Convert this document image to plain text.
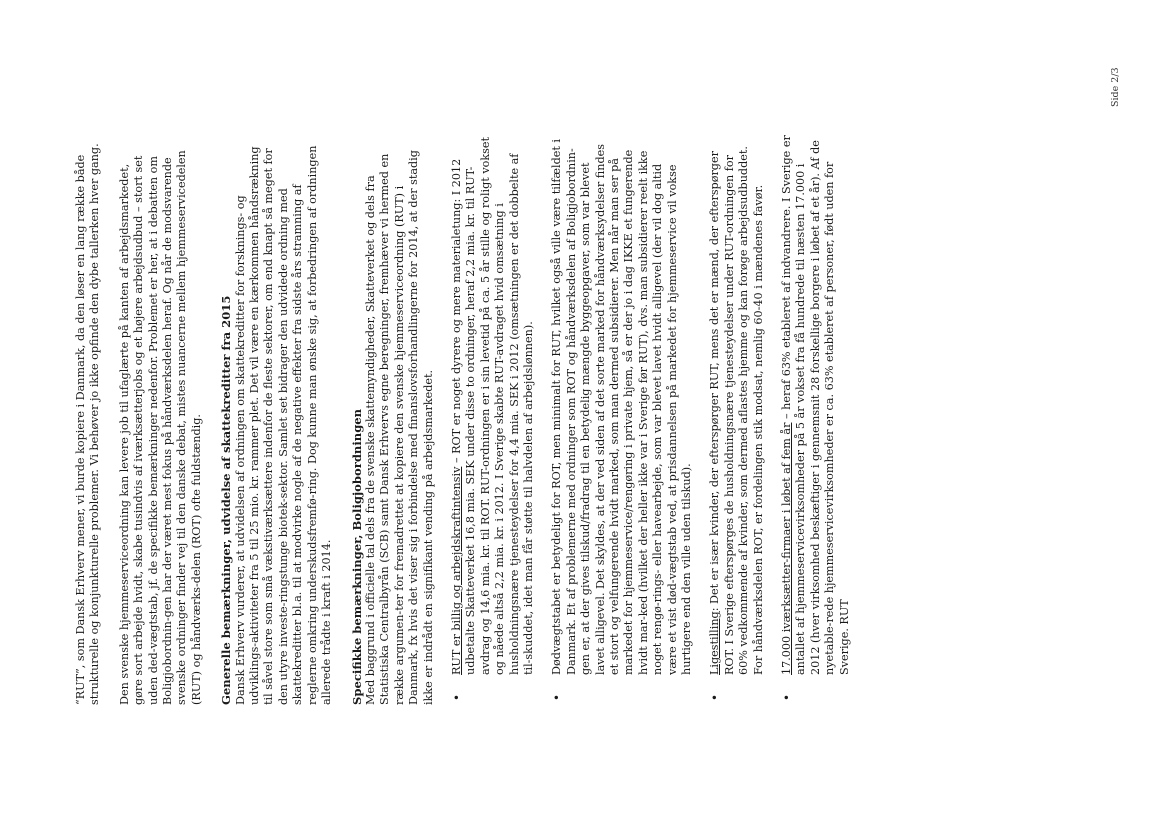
“RUT”, som Dansk Erhverv mener, vi burde kopiere i Danmark, da den løser en lang række både strukturelle og konjunkturelle problemer. Vi behøver jo ikke opfinde den dybe tallerken hver gang. Den svenske hjemmeserviceordning kan levere job til ufaglærte på kanten af arbejdsmarkedet, gøre sort arbejde hvidt, skabe tusindvis af iværksætterjobs og et højere arbejdsudbud – stort set uden ded-vægtstab, jf. de specifikke bemærkninger nedenfor. Problemet er her, at i debatten om Boligjobordnin-gen har der været mest fokus på håndværksdelen heraf. Og når de modsvarende svenske ordninger finder vej til den danske debat, mistes nuancerne mellem hjemmeservicedelen (RUT) og håndværks-delen (ROT) ofte fuldstændig. Generelle bemærkninger, udvidelse af skattekreditter fra 2015 Dansk Erhverv vurderer, at udvidelsen af ordningen om skattekreditter for forsknings- og udviklings-aktiviteter fra 5 til 25 mio. kr. rammer plet. Det vil være en kærkommen håndsrækning til såvel store som små vækstiværksættere indenfor de fleste sektorer, om end knapt så meget for den utyre investe-ringstunge biotek-sektor. Samlet set bidrager den udvidede ordning med skattekreditter bl.a. til at modvirke nogle af de negative effekter fra sidste års stramning af reglerne omkring underskudsfremfø-ring. Dog kunne man ønske sig, at forbedringen af ordningen allerede trådte i kraft i 2014. Specifikke bemærkninger, Boligjobordningen Med baggrund i officielle tal dels fra de svenske skattemyndigheder, Skatteverket og dels fra Statistiska Centralbyrån (SCB) samt Dansk Erhvervs egne beregninger, fremhæver vi hermed en række argumen-ter for fremadrettet at kopiere den svenske hjemmeserviceordning (RUT) i Danmark, fx hvis det viser sig i forbindelse med finanslovsforhandlingerne for 2014, at der stadig ikke er indrådt en signifikant vending på arbejdsmarkedet. • RUT er billig og arbejdskraftintensiv – ROT er noget dyrere og mere materialetung: I 2012 udbetalte Skatteverket 16,8 mia. SEK under disse to ordninger, heraf 2,2 mia. kr. til RUT-avdrag og 14,6 mia. kr. til ROT. RUT-ordningen er i sin levetid på ca. 5 år stille og roligt vokset og nåede altså 2,2 mia. kr. i 2012. I Sverige skabte RUT-avdraget hvid omsætning i husholdningsnære tjenesteydelser for 4,4 mia. SEK i 2012 (omsætningen er det dobbelte af til-skuddet, idet man får støtte til halvdelen af arbejdslønnen). • Dødvægtstabet er betydeligt for ROT, men minimalt for RUT, hvilket også ville være tilfældet i Danmark. Et af problemerne med ordninger som ROT og håndværksdelen af Boligjobordnin-gen er, at der gives tilskud/fradrag til en betydelig mængde byggeopgaver, som var blevet lavet alligevel. Det skyldes, at der ved siden af det sorte marked for håndværksydelser findes et stort og velfungerende hvidt marked, som man dermed subsidierer. Men når man ser på markedet for hjemmeservice/rengøring i private hjem, så er der jo i dag IKKE et fungerende hvidt mar-ked (hvilket der heller ikke var i Sverige før RUT), dvs. man subsidierer reelt ikke noget rengø-rings- eller havearbejde, som var blevet lavet hvidt alligevel (der vil dog altid være et vist død-vægtstab ved, at prisdannelsen på markedet for hjemmeservice vil vokse hurtigere end den ville uden tilskud). • Ligestilling: Det er især kvinder, der efterspørger RUT, mens det er mænd, der efterspørger ROT. I Sverige efterspørges de husholdningsnære tjenesteydelser under RUT-ordningen for 60% vedkommende af kvinder, som dermed aflastes hjemme og kan forøge arbejdsudbuddet. For håndværksdelen ROT, er fordelingen stik modsat, nemlig 60-40 i mændenes favør. • 17.000 iværksætter-firmaer i løbet af fem år – heraf 63% etableret af indvandrere. I Sverige er antallet af hjemmeservicevirksomheder på 5 år vokset fra få hundrede til næsten 17.000 i 2012 (hver virksomhed beskæftiger i gennemsnit 28 forskellige borgere i løbet af et år). Af de nyetable-rede hjemmeservicevirksomheder er ca. 63% etableret af personer, født uden for Sverige. RUT
Side 2/3
